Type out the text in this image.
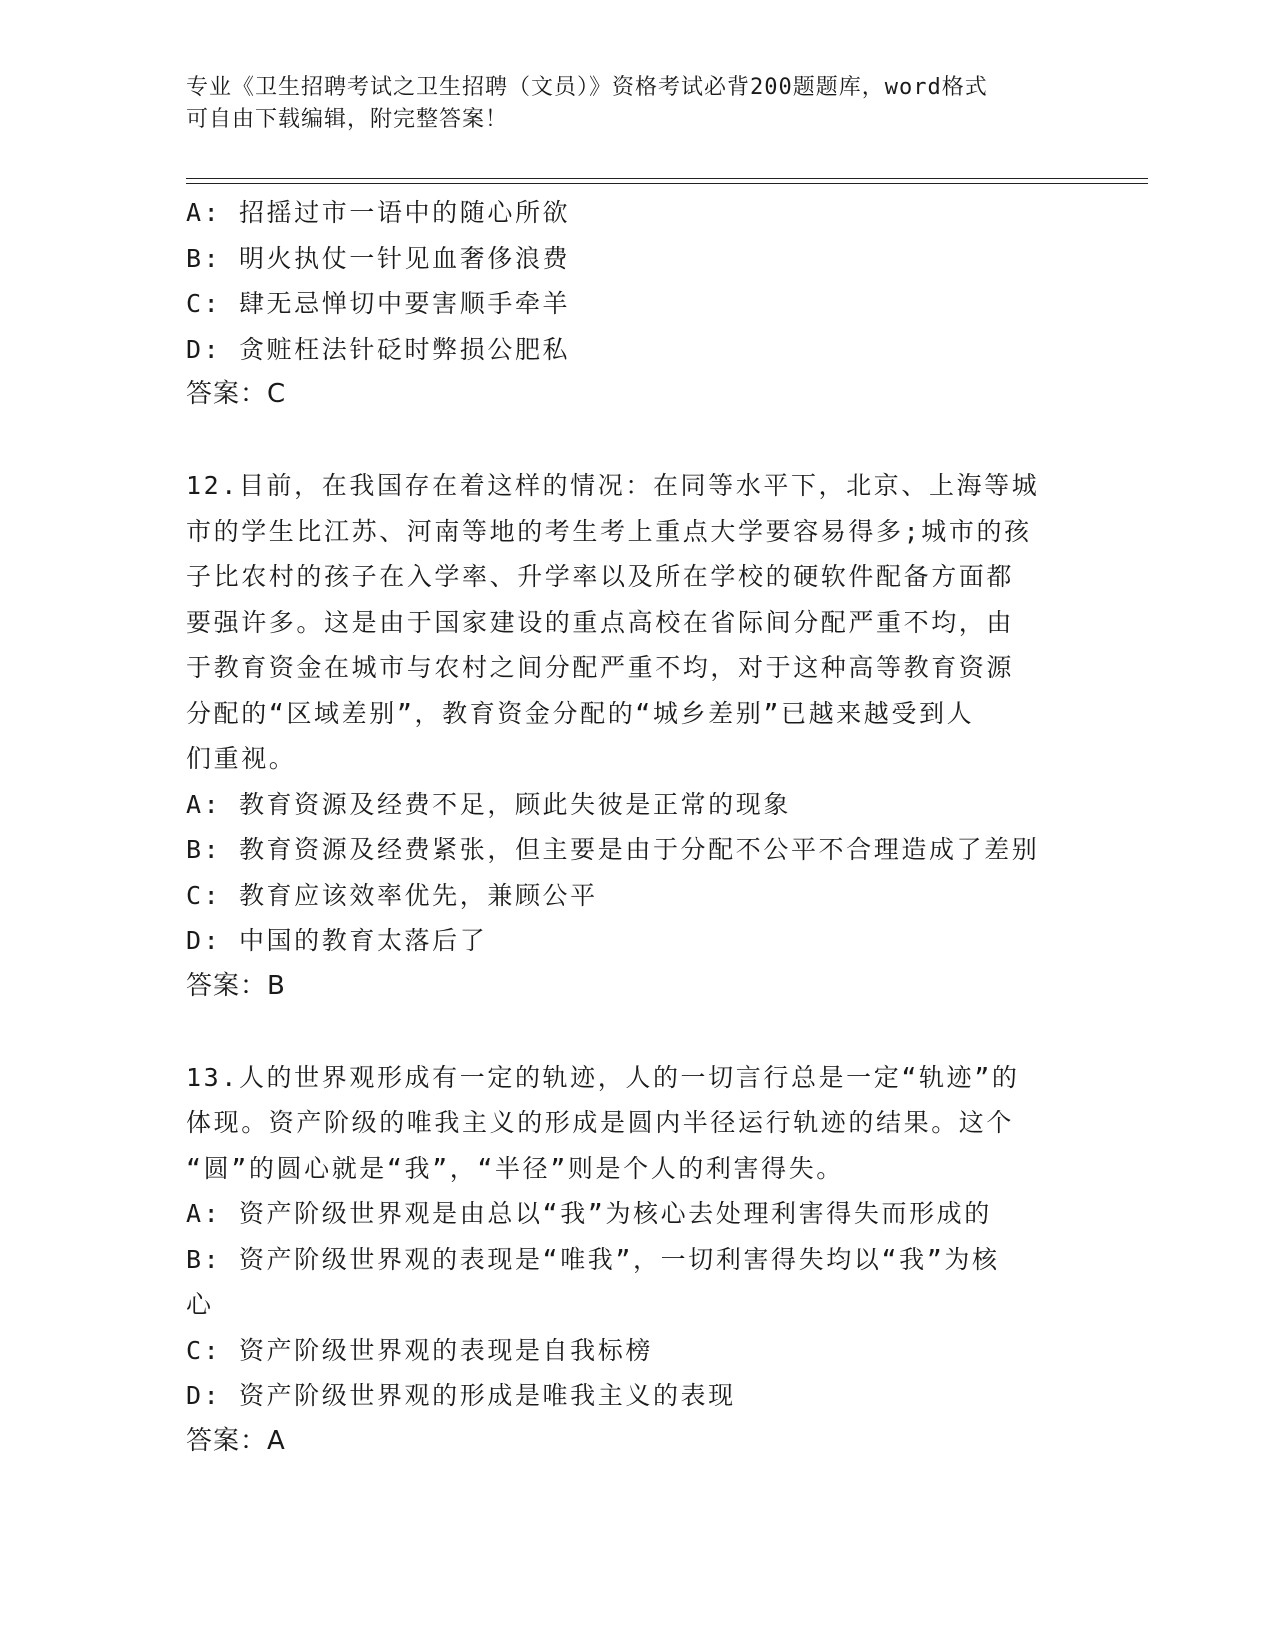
专业《卫生招聘考试之卫生招聘（文员）》资格考试必背200题题库，word格式
可自由下载编辑，附完整答案！
A: 招摇过市一语中的随心所欲
B: 明火执仗一针见血奢侈浪费
C: 肆无忌惮切中要害顺手牵羊
D: 贪赃枉法针砭时弊损公肥私
答案：C
12.目前，在我国存在着这样的情况：在同等水平下，北京、上海等城
市的学生比江苏、河南等地的考生考上重点大学要容易得多;城市的孩
子比农村的孩子在入学率、升学率以及所在学校的硬软件配备方面都
要强许多。这是由于国家建设的重点高校在省际间分配严重不均，由
于教育资金在城市与农村之间分配严重不均，对于这种高等教育资源
分配的“区域差别”，教育资金分配的“城乡差别”已越来越受到人
们重视。
A: 教育资源及经费不足，顾此失彼是正常的现象
B: 教育资源及经费紧张，但主要是由于分配不公平不合理造成了差别
C: 教育应该效率优先，兼顾公平
D: 中国的教育太落后了
答案：B
13.人的世界观形成有一定的轨迹，人的一切言行总是一定“轨迹”的
体现。资产阶级的唯我主义的形成是圆内半径运行轨迹的结果。这个
“圆”的圆心就是“我”，“半径”则是个人的利害得失。
A: 资产阶级世界观是由总以“我”为核心去处理利害得失而形成的
B: 资产阶级世界观的表现是“唯我”，一切利害得失均以“我”为核
心
C: 资产阶级世界观的表现是自我标榜
D: 资产阶级世界观的形成是唯我主义的表现
答案：A
